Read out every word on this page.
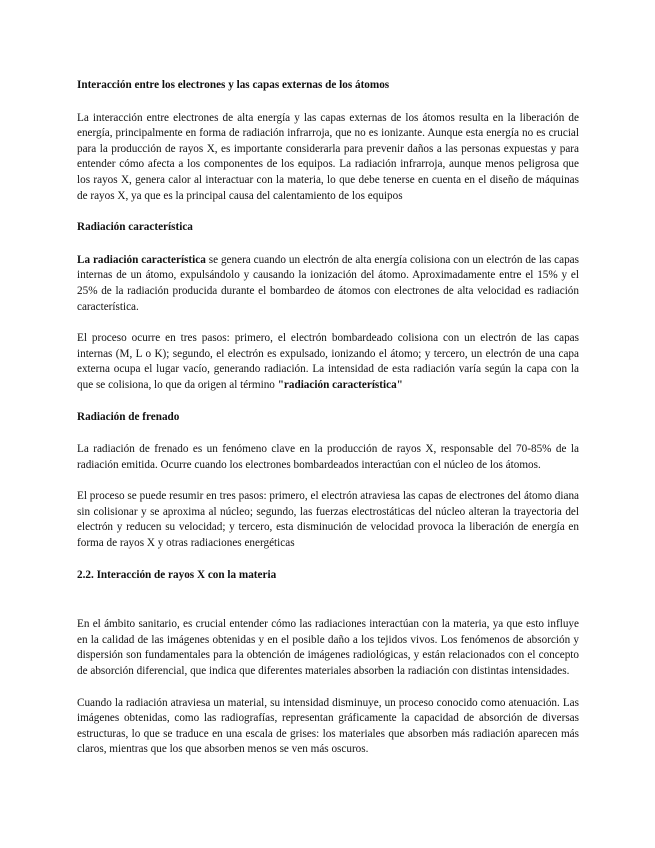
Interacción entre los electrones y las capas externas de los átomos

La interacción entre electrones de alta energía y las capas externas de los átomos resulta en la liberación de energía, principalmente en forma de radiación infrarroja, que no es ionizante. Aunque esta energía no es crucial para la producción de rayos X, es importante considerarla para prevenir daños a las personas expuestas y para entender cómo afecta a los componentes de los equipos. La radiación infrarroja, aunque menos peligrosa que los rayos X, genera calor al interactuar con la materia, lo que debe tenerse en cuenta en el diseño de máquinas de rayos X, ya que es la principal causa del calentamiento de los equipos

Radiación característica

La radiación característica se genera cuando un electrón de alta energía colisiona con un electrón de las capas internas de un átomo, expulsándolo y causando la ionización del átomo. Aproximadamente entre el 15% y el 25% de la radiación producida durante el bombardeo de átomos con electrones de alta velocidad es radiación característica.

El proceso ocurre en tres pasos: primero, el electrón bombardeado colisiona con un electrón de las capas internas (M, L o K); segundo, el electrón es expulsado, ionizando el átomo; y tercero, un electrón de una capa externa ocupa el lugar vacío, generando radiación. La intensidad de esta radiación varía según la capa con la que se colisiona, lo que da origen al término "radiación característica"

Radiación de frenado

La radiación de frenado es un fenómeno clave en la producción de rayos X, responsable del 70-85% de la radiación emitida. Ocurre cuando los electrones bombardeados interactúan con el núcleo de los átomos.

El proceso se puede resumir en tres pasos: primero, el electrón atraviesa las capas de electrones del átomo diana sin colisionar y se aproxima al núcleo; segundo, las fuerzas electrostáticas del núcleo alteran la trayectoria del electrón y reducen su velocidad; y tercero, esta disminución de velocidad provoca la liberación de energía en forma de rayos X y otras radiaciones energéticas

2.2. Interacción de rayos X con la materia

En el ámbito sanitario, es crucial entender cómo las radiaciones interactúan con la materia, ya que esto influye en la calidad de las imágenes obtenidas y en el posible daño a los tejidos vivos. Los fenómenos de absorción y dispersión son fundamentales para la obtención de imágenes radiológicas, y están relacionados con el concepto de absorción diferencial, que indica que diferentes materiales absorben la radiación con distintas intensidades.

Cuando la radiación atraviesa un material, su intensidad disminuye, un proceso conocido como atenuación. Las imágenes obtenidas, como las radiografías, representan gráficamente la capacidad de absorción de diversas estructuras, lo que se traduce en una escala de grises: los materiales que absorben más radiación aparecen más claros, mientras que los que absorben menos se ven más oscuros.
